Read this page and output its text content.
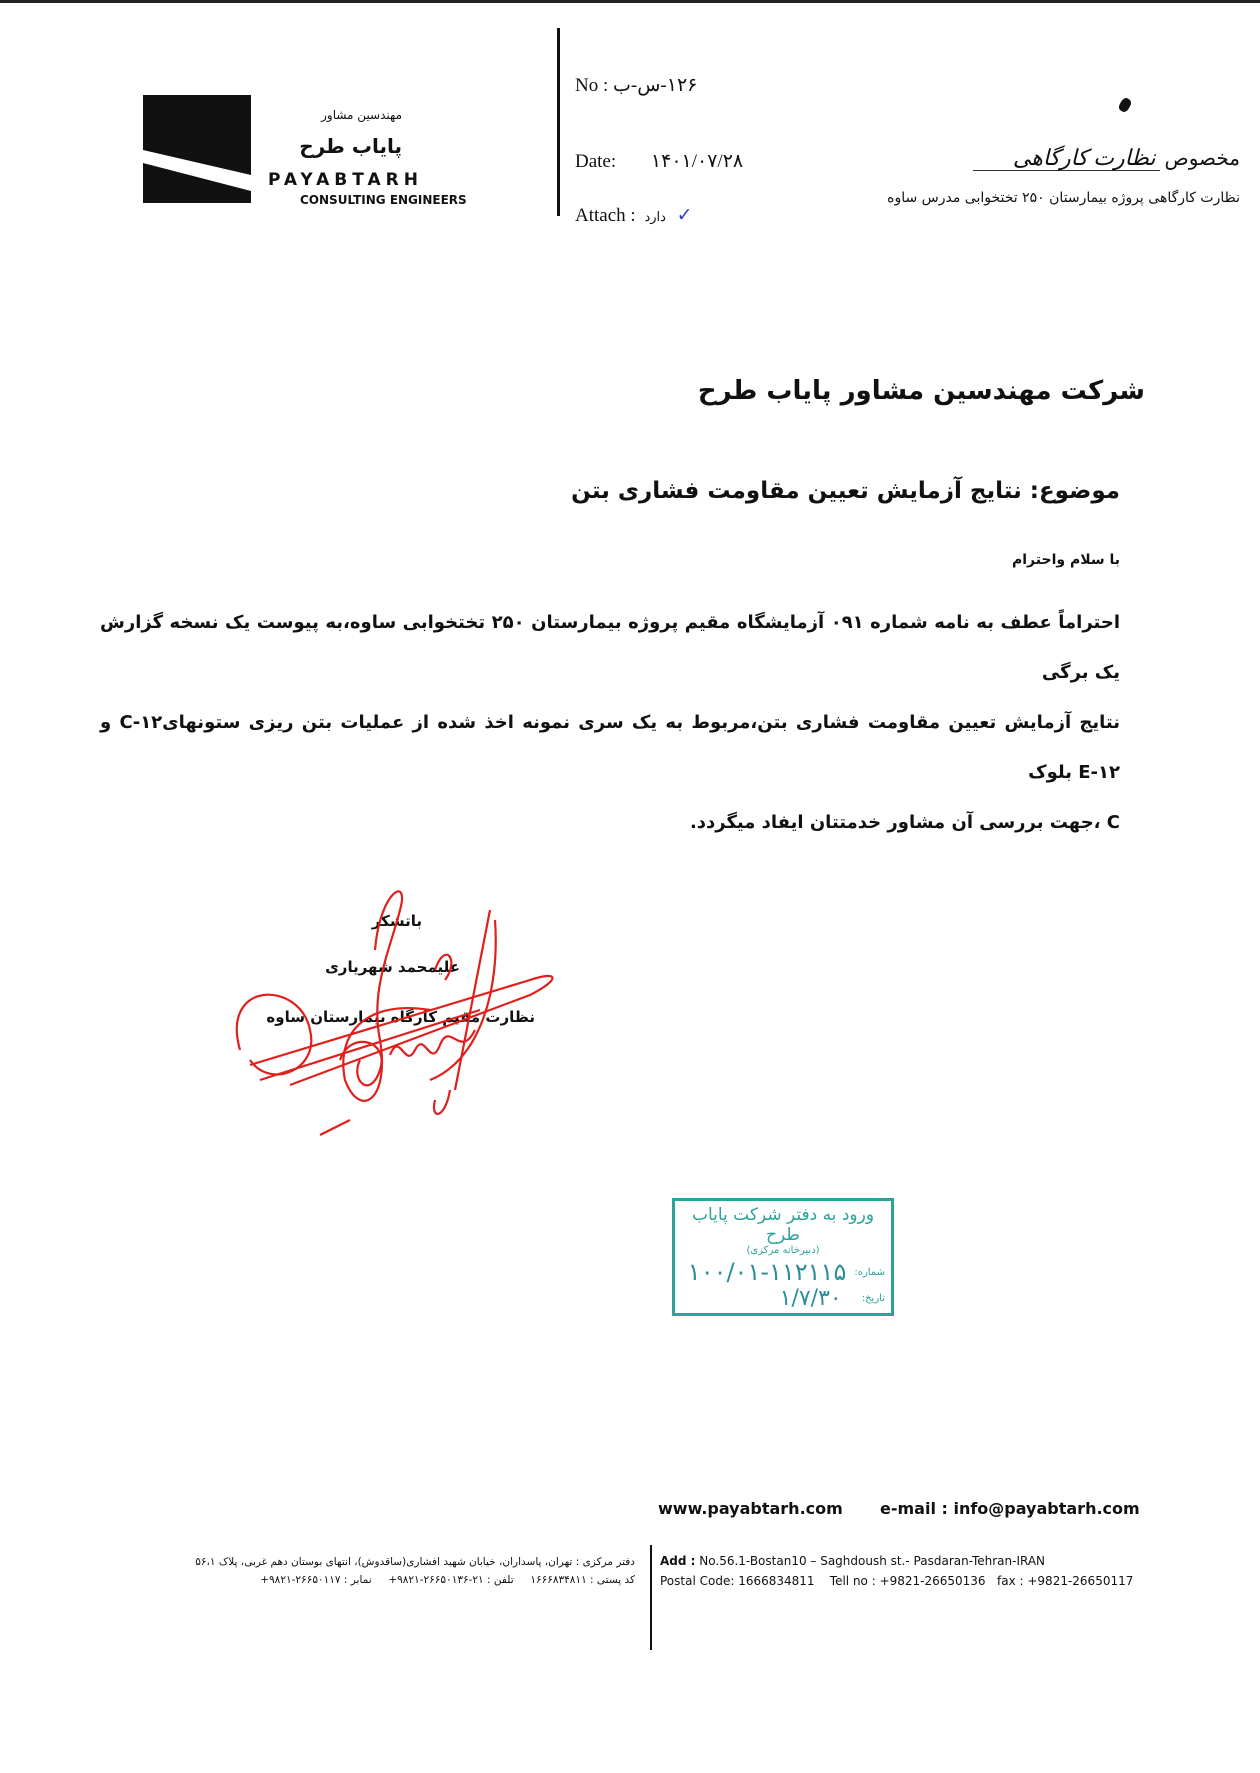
مهندسین مشاور
پایاب طرح
PAYABTARH
CONSULTING ENGINEERS
No : ۱۲۶-س-ب
Date: ۱۴۰۱/۰۷/۲۸
Attach : دارد ✓
مخصوص نظارت کارگاهی
نظارت کارگاهی پروژه بیمارستان ۲۵۰ تختخوابی مدرس ساوه
شرکت مهندسین مشاور پایاب طرح
موضوع: نتایج آزمایش تعیین مقاومت فشاری بتن
با سلام واحترام
احتراماً عطف به نامه شماره ۰۹۱ آزمایشگاه مقیم پروژه بیمارستان ۲۵۰ تختخوابی ساوه،به پیوست یک نسخه گزارش یک برگی
نتایج آزمایش تعیین مقاومت فشاری بتن،مربوط به یک سری نمونه اخذ شده از عملیات بتن ریزی ستونهای۱۲-C و ۱۲-E بلوک
C ،جهت بررسی آن مشاور خدمتتان ایفاد میگردد.
باتشکر
علیمحمد شهریاری
نظارت مقیم کارگاه بیمارستان ساوه
ورود به دفتر شرکت پایاب طرح
(دبیرخانه مرکزی)
شماره:
۱۰۰/۰۱-۱۱۲۱۱۵
تاریخ:
۱/۷/۳۰
www.payabtarh.com e-mail : info@payabtarh.com
دفتر مرکزی : تهران، پاسداران، خیابان شهید افشاری(ساقدوش)، انتهای بوستان دهم غربی، پلاک ۵۶،۱
کد پستی : ۱۶۶۶۸۳۴۸۱۱     تلفن : ۲۱-۲۶۶۵۰۱۳۶-۹۸۲۱+     نمابر : ۲۶۶۵۰۱۱۷-۹۸۲۱+
Add : No.56.1-Bostan10 – Saghdoush st.- Pasdaran-Tehran-IRAN
Postal Code: 1666834811    Tell no : +9821-26650136   fax : +9821-26650117
